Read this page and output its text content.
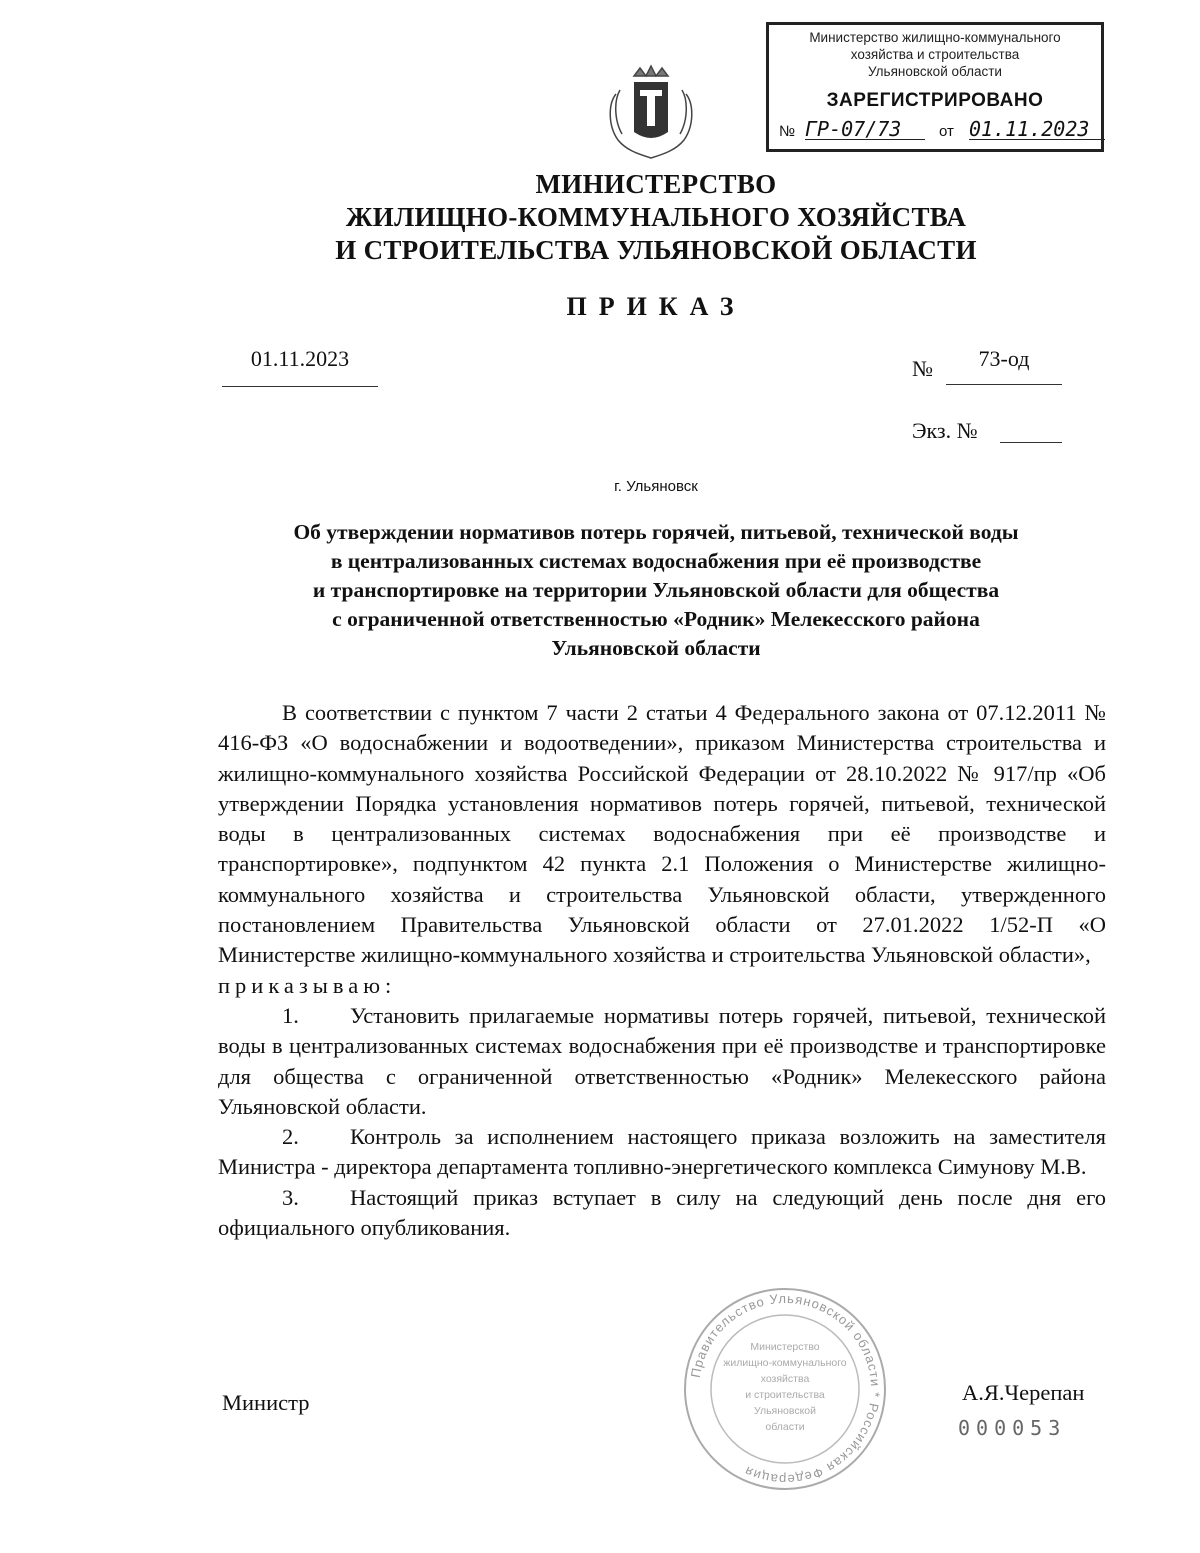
Министерство жилищно-коммунального
хозяйства и строительства
Ульяновской области
ЗАРЕГИСТРИРОВАНО
№ ГР-07/73	от 01.11.2023
МИНИСТЕРСТВО
ЖИЛИЩНО-КОММУНАЛЬНОГО ХОЗЯЙСТВА
И СТРОИТЕЛЬСТВА УЛЬЯНОВСКОЙ ОБЛАСТИ
ПРИКАЗ
01.11.2023	№	73-од
Экз. №
г. Ульяновск
Об утверждении нормативов потерь горячей, питьевой, технической воды
в централизованных системах водоснабжения при её производстве
и транспортировке на территории Ульяновской области для общества
с ограниченной ответственностью «Родник» Мелекесского района
Ульяновской области

В соответствии с пунктом 7 части 2 статьи 4 Федерального закона от 07.12.2011 № 416-ФЗ «О водоснабжении и водоотведении», приказом Министерства строительства и жилищно-коммунального хозяйства Российской Федерации от 28.10.2022 № 917/пр «Об утверждении Порядка установления нормативов потерь горячей, питьевой, технической воды в централизованных системах водоснабжения при её производстве и транспортировке», подпунктом 42 пункта 2.1 Положения о Министерстве жилищно-коммунального хозяйства и строительства Ульяновской области, утвержденного постановлением Правительства Ульяновской области от 27.01.2022 1/52-П «О Министерстве жилищно-коммунального хозяйства и строительства Ульяновской области»,

приказываю:

1. Установить прилагаемые нормативы потерь горячей, питьевой, технической воды в централизованных системах водоснабжения при её производстве и транспортировке для общества с ограниченной ответственностью «Родник» Мелекесского района Ульяновской области.

2. Контроль за исполнением настоящего приказа возложить на заместителя Министра - директора департамента топливно-энергетического комплекса Симунову М.В.

3. Настоящий приказ вступает в силу на следующий день после дня его официального опубликования.

Правительство Ульяновской области * Российская Федерация
Министерство
жилищно-коммунального
хозяйства
и строительства
Ульяновской
области
Министр	А.Я.Черепан
000053
